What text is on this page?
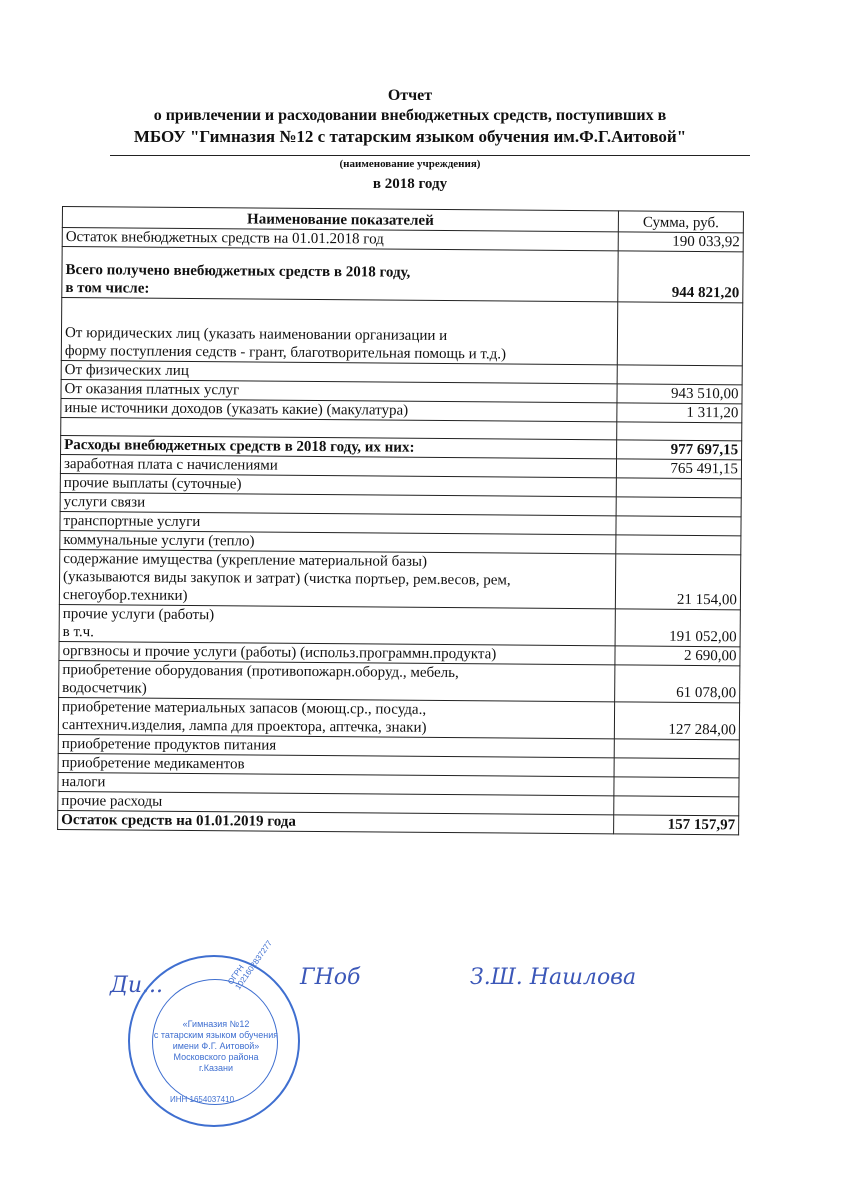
Отчет
о привлечении и расходовании внебюджетных средств, поступивших в
МБОУ "Гимназия №12 с татарским языком обучения им.Ф.Г.Аитовой"
(наименование учреждения)
в 2018 году
Наименование показателей	Сумма, руб.
Остаток внебюджетных средств на 01.01.2018 год	190 033,92
Всего получено внебюджетных средств в 2018 году,
в том числе:	944 821,20
От юридических лиц (указать наименовании организации и
форму поступления седств - грант, благотворительная помощь и т.д.)	
От физических лиц	
От оказания платных услуг	943 510,00
иные источники доходов (указать какие) (макулатура)	1 311,20

Расходы внебюджетных средств в 2018 году, их них:	977 697,15
заработная плата с начислениями	765 491,15
прочие выплаты (суточные)	
услуги связи	
транспортные услуги	
коммунальные услуги (тепло)	
содержание имущества (укрепление материальной базы)
(указываются виды закупок и затрат) (чистка портьер, рем.весов, рем,
снегоубор.техники)	21 154,00
прочие услуги (работы)
в т.ч.	191 052,00
оргвзносы и прочие услуги (работы) (использ.программн.продукта)	2 690,00
приобретение оборудования (противопожарн.оборуд., мебель,
водосчетчик)	61 078,00
приобретение материальных запасов (моющ.ср., посуда.,
сантехнич.изделия, лампа для проектора, аптечка, знаки)	127 284,00
приобретение продуктов питания	
приобретение медикаментов	
налоги	
прочие расходы	
Остаток средств на 01.01.2019 года	157 157,97
Ди...	ГНоб	З.Ш. Нашлова
ОГРН 1021602837277
«Гимназия №12
с татарским языком обучения
имени Ф.Г. Аитовой»
Московского района
г.Казани
ИНН 1654037410
